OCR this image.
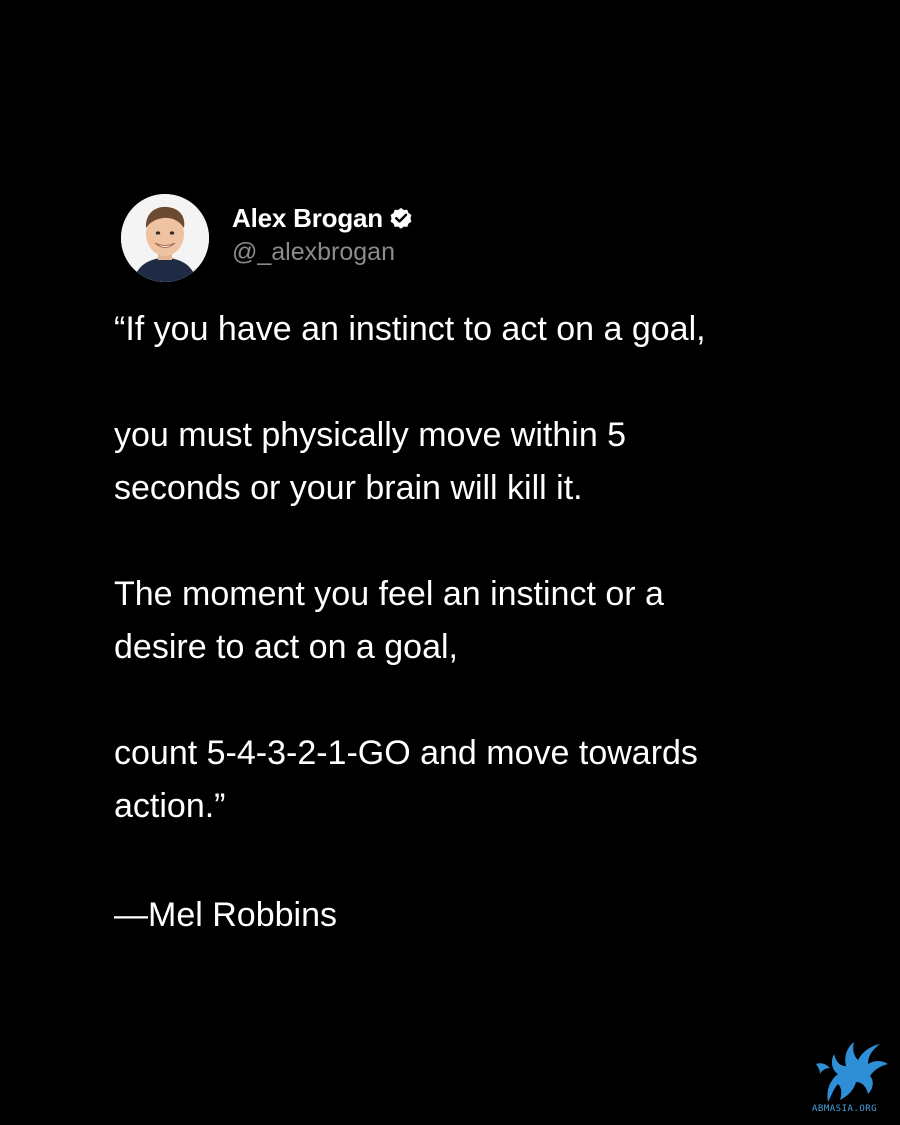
Alex Brogan
@_alexbrogan

“If you have an instinct to act on a goal,

you must physically move within 5

seconds or your brain will kill it.

The moment you feel an instinct or a

desire to act on a goal,

count 5-4-3-2-1-GO and move towards

action.”

—Mel Robbins
ABMASIA.ORG
